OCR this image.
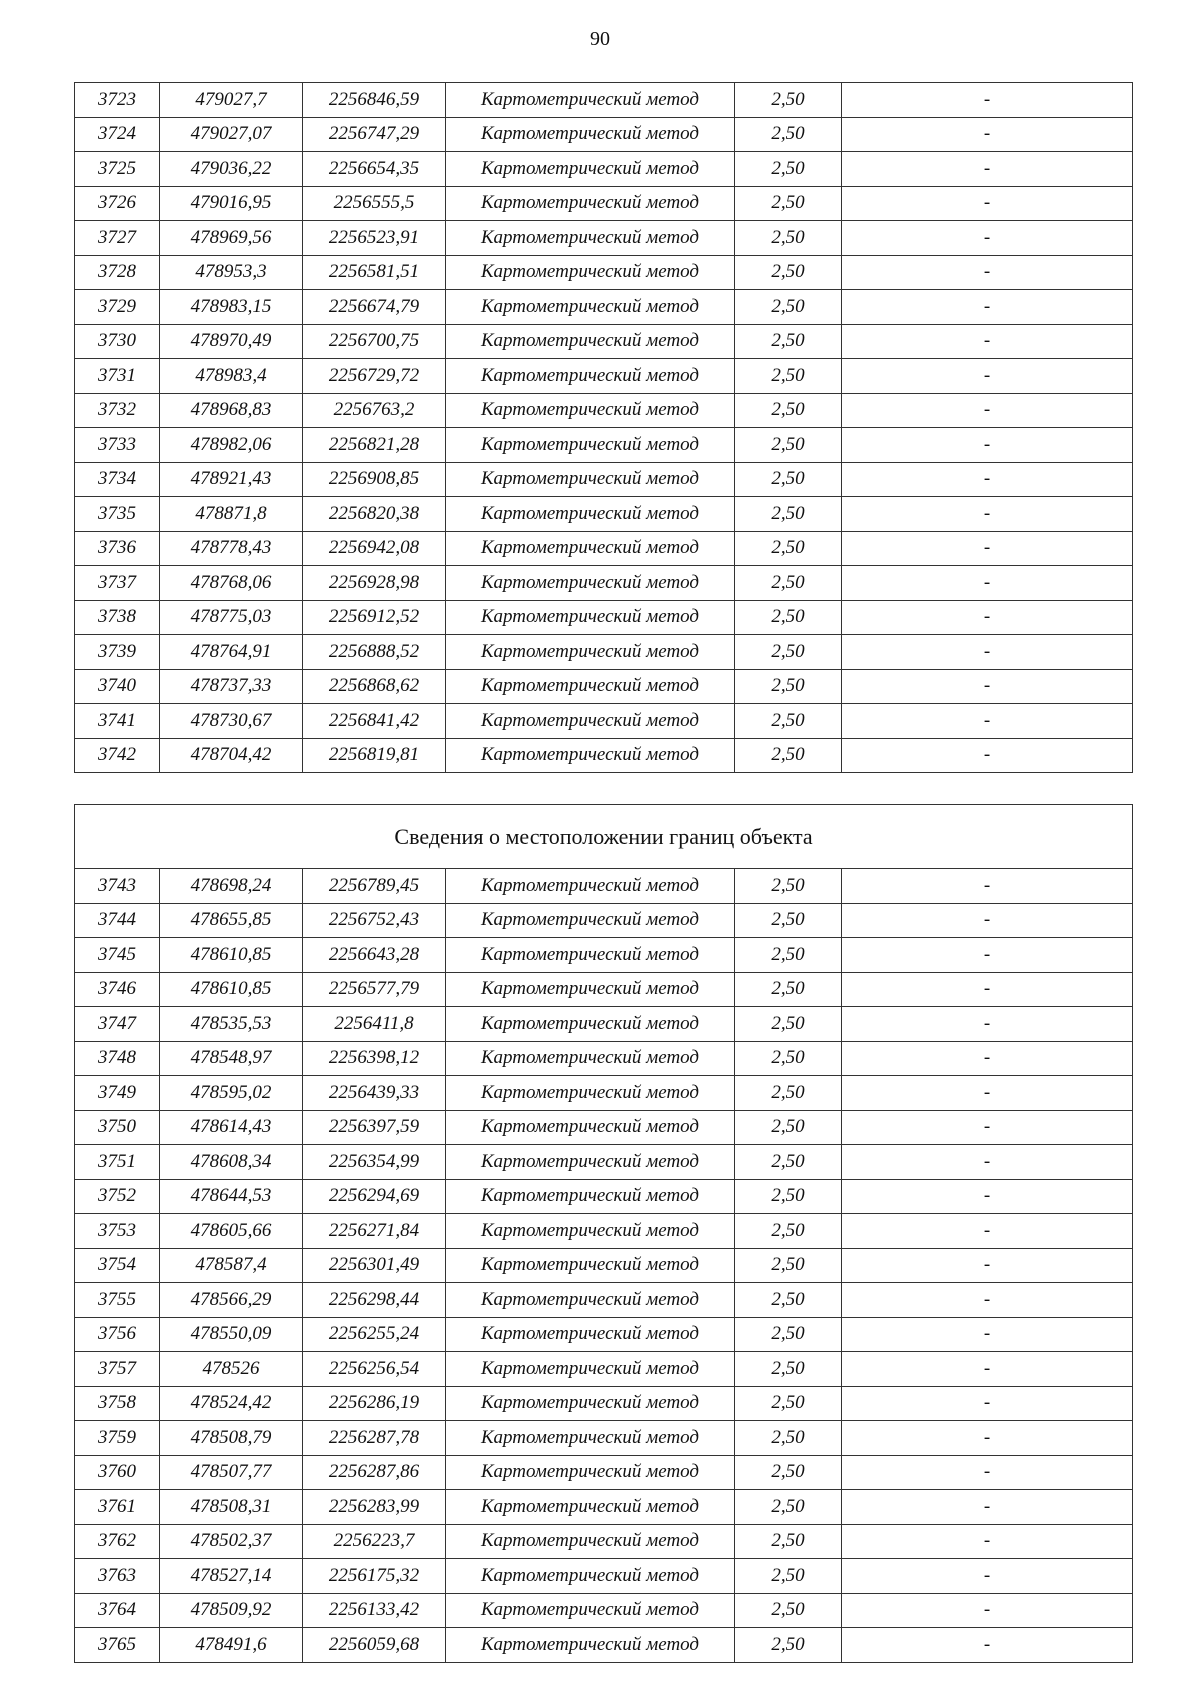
90
3723	479027,7	2256846,59	Картометрический метод	2,50	-
3724	479027,07	2256747,29	Картометрический метод	2,50	-
3725	479036,22	2256654,35	Картометрический метод	2,50	-
3726	479016,95	2256555,5	Картометрический метод	2,50	-
3727	478969,56	2256523,91	Картометрический метод	2,50	-
3728	478953,3	2256581,51	Картометрический метод	2,50	-
3729	478983,15	2256674,79	Картометрический метод	2,50	-
3730	478970,49	2256700,75	Картометрический метод	2,50	-
3731	478983,4	2256729,72	Картометрический метод	2,50	-
3732	478968,83	2256763,2	Картометрический метод	2,50	-
3733	478982,06	2256821,28	Картометрический метод	2,50	-
3734	478921,43	2256908,85	Картометрический метод	2,50	-
3735	478871,8	2256820,38	Картометрический метод	2,50	-
3736	478778,43	2256942,08	Картометрический метод	2,50	-
3737	478768,06	2256928,98	Картометрический метод	2,50	-
3738	478775,03	2256912,52	Картометрический метод	2,50	-
3739	478764,91	2256888,52	Картометрический метод	2,50	-
3740	478737,33	2256868,62	Картометрический метод	2,50	-
3741	478730,67	2256841,42	Картометрический метод	2,50	-
3742	478704,42	2256819,81	Картометрический метод	2,50	-
Сведения о местоположении границ объекта					
3743	478698,24	2256789,45	Картометрический метод	2,50	-
3744	478655,85	2256752,43	Картометрический метод	2,50	-
3745	478610,85	2256643,28	Картометрический метод	2,50	-
3746	478610,85	2256577,79	Картометрический метод	2,50	-
3747	478535,53	2256411,8	Картометрический метод	2,50	-
3748	478548,97	2256398,12	Картометрический метод	2,50	-
3749	478595,02	2256439,33	Картометрический метод	2,50	-
3750	478614,43	2256397,59	Картометрический метод	2,50	-
3751	478608,34	2256354,99	Картометрический метод	2,50	-
3752	478644,53	2256294,69	Картометрический метод	2,50	-
3753	478605,66	2256271,84	Картометрический метод	2,50	-
3754	478587,4	2256301,49	Картометрический метод	2,50	-
3755	478566,29	2256298,44	Картометрический метод	2,50	-
3756	478550,09	2256255,24	Картометрический метод	2,50	-
3757	478526	2256256,54	Картометрический метод	2,50	-
3758	478524,42	2256286,19	Картометрический метод	2,50	-
3759	478508,79	2256287,78	Картометрический метод	2,50	-
3760	478507,77	2256287,86	Картометрический метод	2,50	-
3761	478508,31	2256283,99	Картометрический метод	2,50	-
3762	478502,37	2256223,7	Картометрический метод	2,50	-
3763	478527,14	2256175,32	Картометрический метод	2,50	-
3764	478509,92	2256133,42	Картометрический метод	2,50	-
3765	478491,6	2256059,68	Картометрический метод	2,50	-
